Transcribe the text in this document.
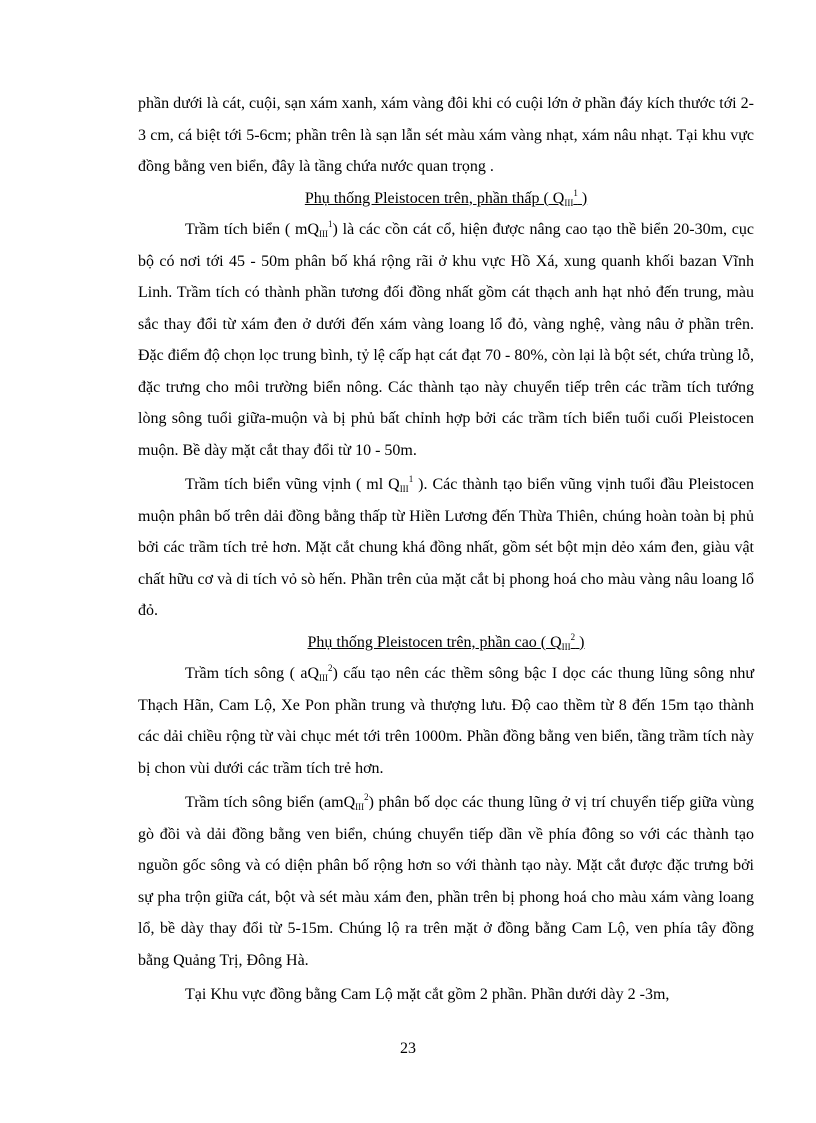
phần dưới là cát, cuội, sạn xám xanh, xám vàng đôi khi có cuội lớn ở phần đáy kích thước tới 2-3 cm, cá biệt tới 5-6cm; phần trên là sạn lẫn sét màu xám vàng nhạt, xám nâu nhạt. Tại khu vực đồng bằng ven biển, đây là tầng chứa nước quan trọng .

Phụ thống Pleistocen trên, phần thấp ( $Q_{III}^1$ )

Trầm tích biển ( $mQ_{III}^1$) là các cồn cát cổ, hiện được nâng cao tạo thề biển 20-30m, cục bộ có nơi tới 45 - 50m phân bố khá rộng rãi ở khu vực Hồ Xá, xung quanh khối bazan Vĩnh Linh. Trầm tích có thành phần tương đối đồng nhất gồm cát thạch anh hạt nhỏ đến trung, màu sắc thay đổi từ xám đen ở dưới đến xám vàng loang lổ đỏ, vàng nghệ, vàng nâu ở phần trên. Đặc điểm độ chọn lọc trung bình, tỷ lệ cấp hạt cát đạt 70 - 80%, còn lại là bột sét, chứa trùng lỗ, đặc trưng cho môi trường biển nông. Các thành tạo này chuyển tiếp trên các trầm tích tướng lòng sông tuổi giữa-muộn và bị phủ bất chỉnh hợp bởi các trầm tích biển tuổi cuối Pleistocen muộn. Bề dày mặt cắt thay đổi từ 10 - 50m.

Trầm tích biển vũng vịnh ( ml $Q_{III}^1$ ). Các thành tạo biển vũng vịnh tuổi đầu Pleistocen muộn phân bố trên dải đồng bằng thấp từ Hiền Lương đến Thừa Thiên, chúng hoàn toàn bị phủ bởi các trầm tích trẻ hơn. Mặt cắt chung khá đồng nhất, gồm sét bột mịn dẻo xám đen, giàu vật chất hữu cơ và di tích vỏ sò hến. Phần trên của mặt cắt bị phong hoá cho màu vàng nâu loang lổ đỏ.

Phụ thống Pleistocen trên, phần cao ( $Q_{III}^2$ )

Trầm tích sông ( $aQ_{III}^2$) cấu tạo nên các thềm sông bậc I dọc các thung lũng sông như Thạch Hãn, Cam Lộ, Xe Pon phần trung và thượng lưu. Độ cao thềm từ 8 đến 15m tạo thành các dải chiều rộng từ vài chục mét tới trên 1000m. Phần đồng bằng ven biển, tầng trầm tích này bị chon vùi dưới các trầm tích trẻ hơn.

Trầm tích sông biển (amQ$_{III}^2$) phân bố dọc các thung lũng ở vị trí chuyển tiếp giữa vùng gò đồi và dải đồng bằng ven biển, chúng chuyển tiếp dần về phía đông so với các thành tạo nguồn gốc sông và có diện phân bố rộng hơn so với thành tạo này. Mặt cắt được đặc trưng bởi sự pha trộn giữa cát, bột và sét màu xám đen, phần trên bị phong hoá cho màu xám vàng loang lổ, bề dày thay đổi từ 5-15m. Chúng lộ ra trên mặt ở đồng bằng Cam Lộ, ven phía tây đồng bằng Quảng Trị, Đông Hà.

Tại Khu vực đồng bằng Cam Lộ mặt cắt gồm 2 phần. Phần dưới dày 2 -3m,

23
